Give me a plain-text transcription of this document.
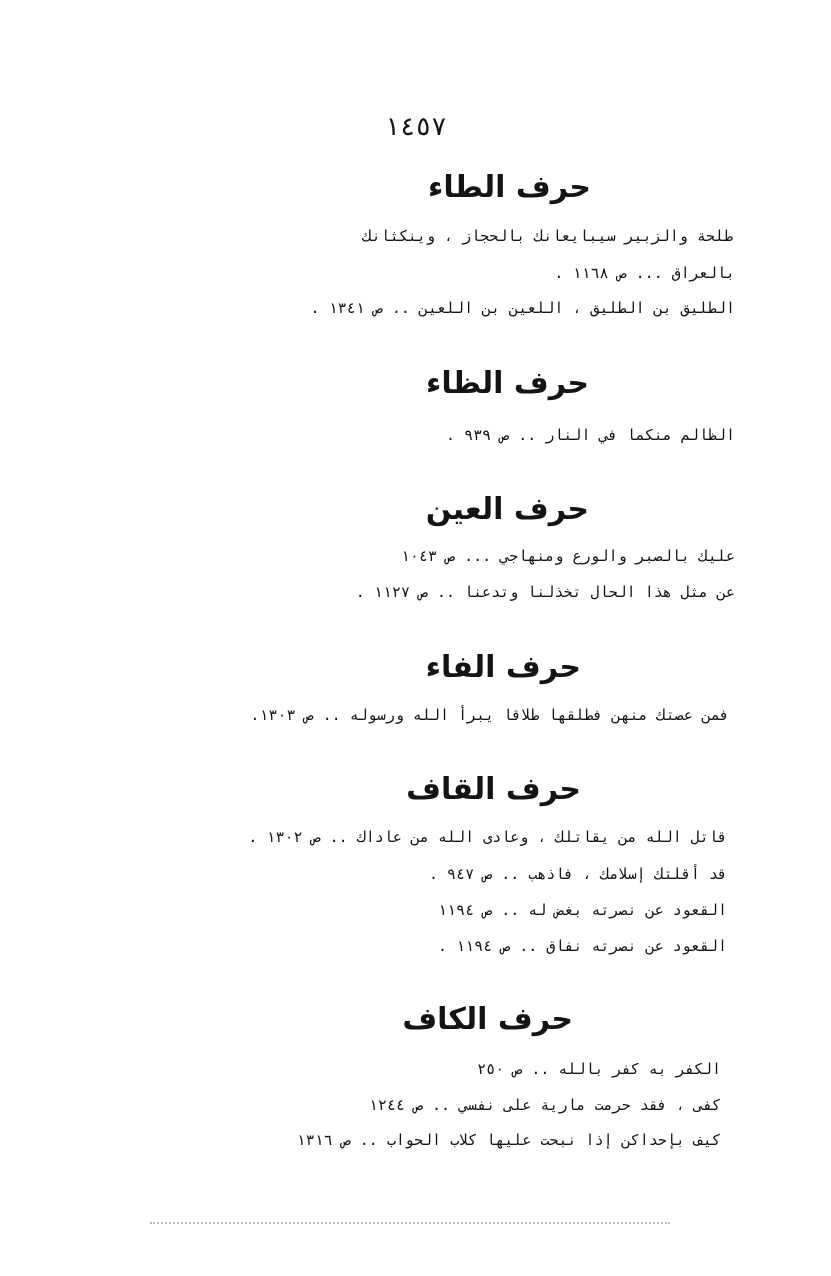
١٤٥٧
حرف الطاء
طلحة والزبير سيبايعانك بالحجاز ، وينكثانك
بالعراق ... ص ١١٦٨ .
الطليق بن الطليق ، اللعين بن اللعين .. ص ١٣٤١ .
حرف الظاء
الظالم منكما في النار .. ص ٩٣٩ .
حرف العين
عليك بالصبر والورع ومنهاجي ... ص ١٠٤٣
عن مثل هذا الحال تخذلنا وتدعنا .. ص ١١٢٧ .
حرف الفاء
فمن عصتك منهن فطلقها طلاقا يبرأ الله ورسوله .. ص ١٣٠٣.
حرف القاف
قاتل الله من يقاتلك ، وعادى الله من عاداك .. ص ١٣٠٢ .
قد أقلتك إسلامك ، فاذهب .. ص ٩٤٧ .
القعود عن نصرته بغض له .. ص ١١٩٤
القعود عن نصرته نفاق .. ص ١١٩٤ .
حرف الكاف
الكفر به كفر بالله .. ص ٢٥٠
كفى ، فقد حرمت مارية على نفسي .. ص ١٢٤٤
كيف بإحداكن إذا نبحت عليها كلاب الحواب .. ص ١٣١٦
